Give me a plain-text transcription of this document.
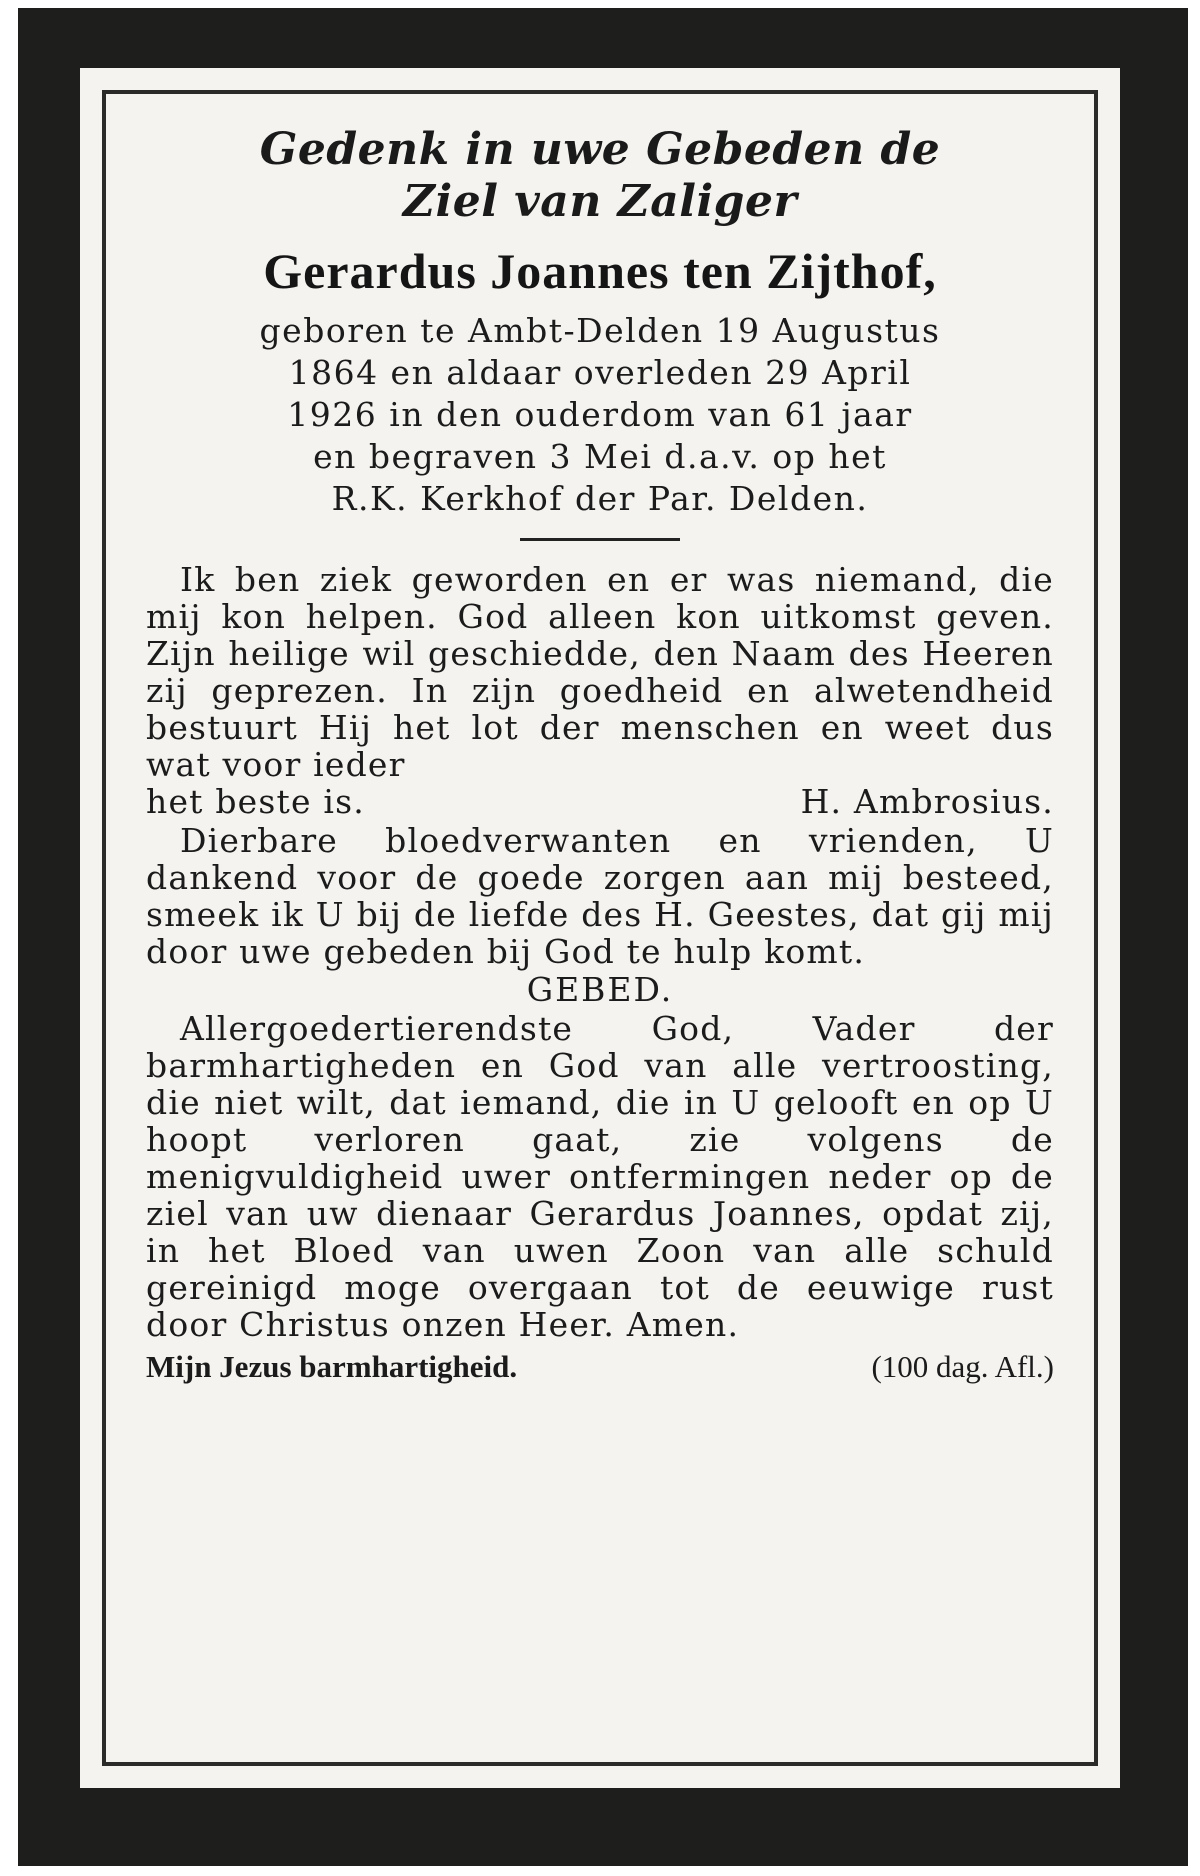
Gedenk in uwe Gebeden de

Ziel van Zaliger

Gerardus Joannes ten Zijthof,

geboren te Ambt-Delden 19 Augustus

1864 en aldaar overleden 29 April

1926 in den ouderdom van 61 jaar

en begraven 3 Mei d.a.v. op het

R.K. Kerkhof der Par. Delden.

Ik ben ziek geworden en er was niemand, die mij kon helpen. God alleen kon uitkomst geven. Zijn heilige wil geschiedde, den Naam des Heeren zij geprezen. In zijn goedheid en alwetendheid bestuurt Hij het lot der menschen en weet dus wat voor ieder

het beste is.	H. Ambrosius.

Dierbare bloedverwanten en vrienden, U dankend voor de goede zorgen aan mij besteed, smeek ik U bij de liefde des H. Geestes, dat gij mij door uwe gebeden bij God te hulp komt.

GEBED.

Allergoedertierendste God, Vader der barmhartigheden en God van alle vertroosting, die niet wilt, dat iemand, die in U gelooft en op U hoopt verloren gaat, zie volgens de menigvuldigheid uwer ontfermingen neder op de ziel van uw dienaar Gerardus Joannes, opdat zij, in het Bloed van uwen Zoon van alle schuld gereinigd moge overgaan tot de eeuwige rust door Christus onzen Heer. Amen.

Mijn Jezus barmhartigheid.	(100 dag. Afl.)
